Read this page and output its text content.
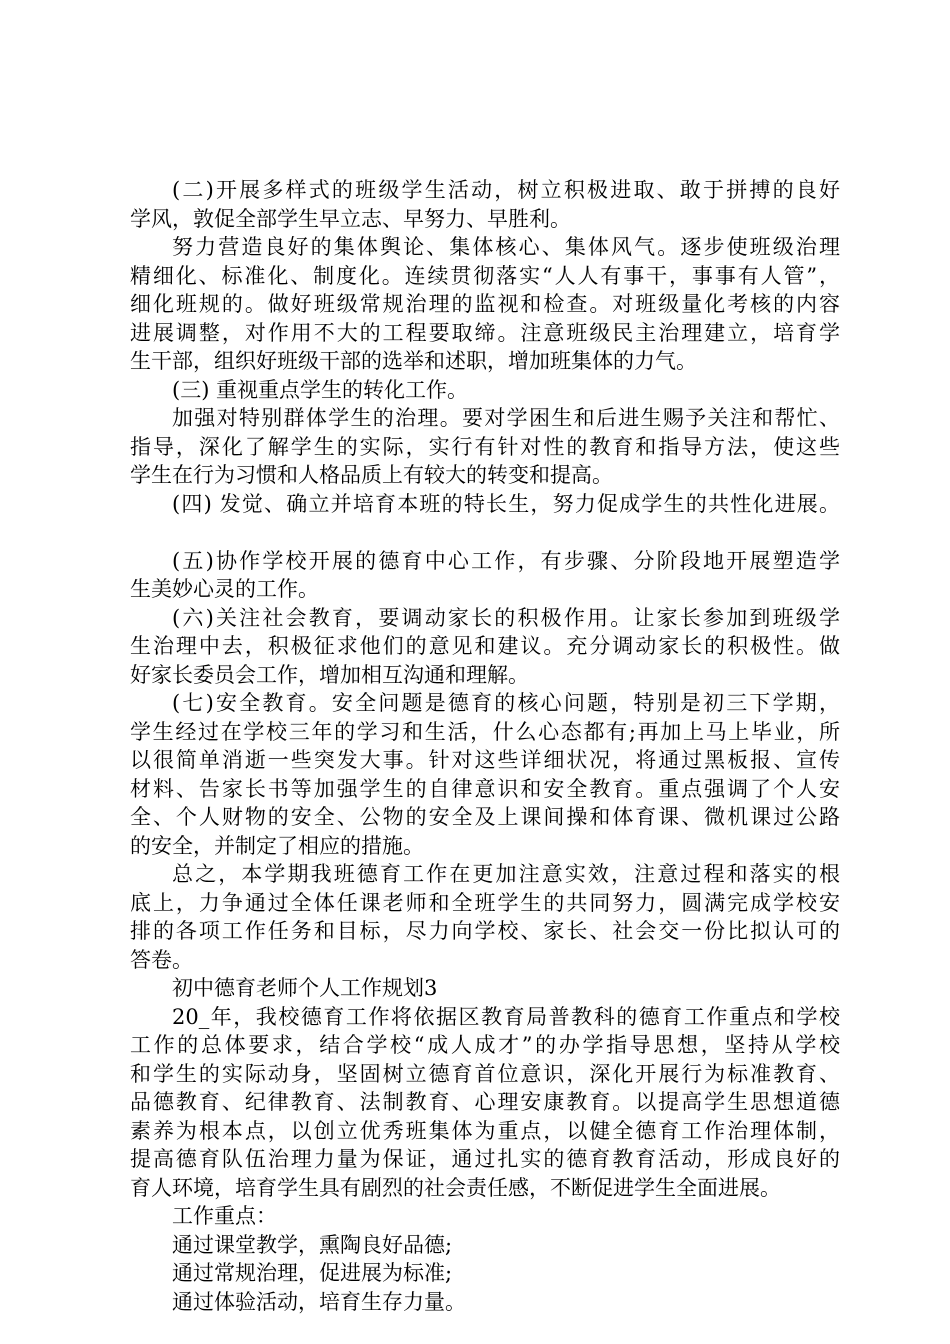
(二)开展多样式的班级学生活动，树立积极进取、敢于拼搏的良好

学风，敦促全部学生早立志、早努力、早胜利。

努力营造良好的集体舆论、集体核心、集体风气。逐步使班级治理

精细化、标准化、制度化。连续贯彻落实“人人有事干，事事有人管”，

细化班规的。做好班级常规治理的监视和检查。对班级量化考核的内容

进展调整，对作用不大的工程要取缔。注意班级民主治理建立，培育学

生干部，组织好班级干部的选举和述职，增加班集体的力气。

(三) 重视重点学生的转化工作。

加强对特别群体学生的治理。要对学困生和后进生赐予关注和帮忙、

指导，深化了解学生的实际，实行有针对性的教育和指导方法，使这些

学生在行为习惯和人格品质上有较大的转变和提高。

(四) 发觉、确立并培育本班的特长生，努力促成学生的共性化进展。

(五)协作学校开展的德育中心工作，有步骤、分阶段地开展塑造学

生美妙心灵的工作。

(六)关注社会教育，要调动家长的积极作用。让家长参加到班级学

生治理中去，积极征求他们的意见和建议。充分调动家长的积极性。做

好家长委员会工作，增加相互沟通和理解。

(七)安全教育。安全问题是德育的核心问题，特别是初三下学期，

学生经过在学校三年的学习和生活，什么心态都有;再加上马上毕业，所

以很简单消逝一些突发大事。针对这些详细状况，将通过黑板报、宣传

材料、告家长书等加强学生的自律意识和安全教育。重点强调了个人安

全、个人财物的安全、公物的安全及上课间操和体育课、微机课过公路

的安全，并制定了相应的措施。

总之，本学期我班德育工作在更加注意实效，注意过程和落实的根

底上，力争通过全体任课老师和全班学生的共同努力，圆满完成学校安

排的各项工作任务和目标，尽力向学校、家长、社会交一份比拟认可的

答卷。

初中德育老师个人工作规划3

20_年，我校德育工作将依据区教育局普教科的德育工作重点和学校

工作的总体要求，结合学校“成人成才”的办学指导思想，坚持从学校

和学生的实际动身，坚固树立德育首位意识，深化开展行为标准教育、

品德教育、纪律教育、法制教育、心理安康教育。以提高学生思想道德

素养为根本点，以创立优秀班集体为重点，以健全德育工作治理体制，

提高德育队伍治理力量为保证，通过扎实的德育教育活动，形成良好的

育人环境，培育学生具有剧烈的社会责任感，不断促进学生全面进展。

工作重点：

通过课堂教学，熏陶良好品德;

通过常规治理，促进展为标准;

通过体验活动，培育生存力量。
